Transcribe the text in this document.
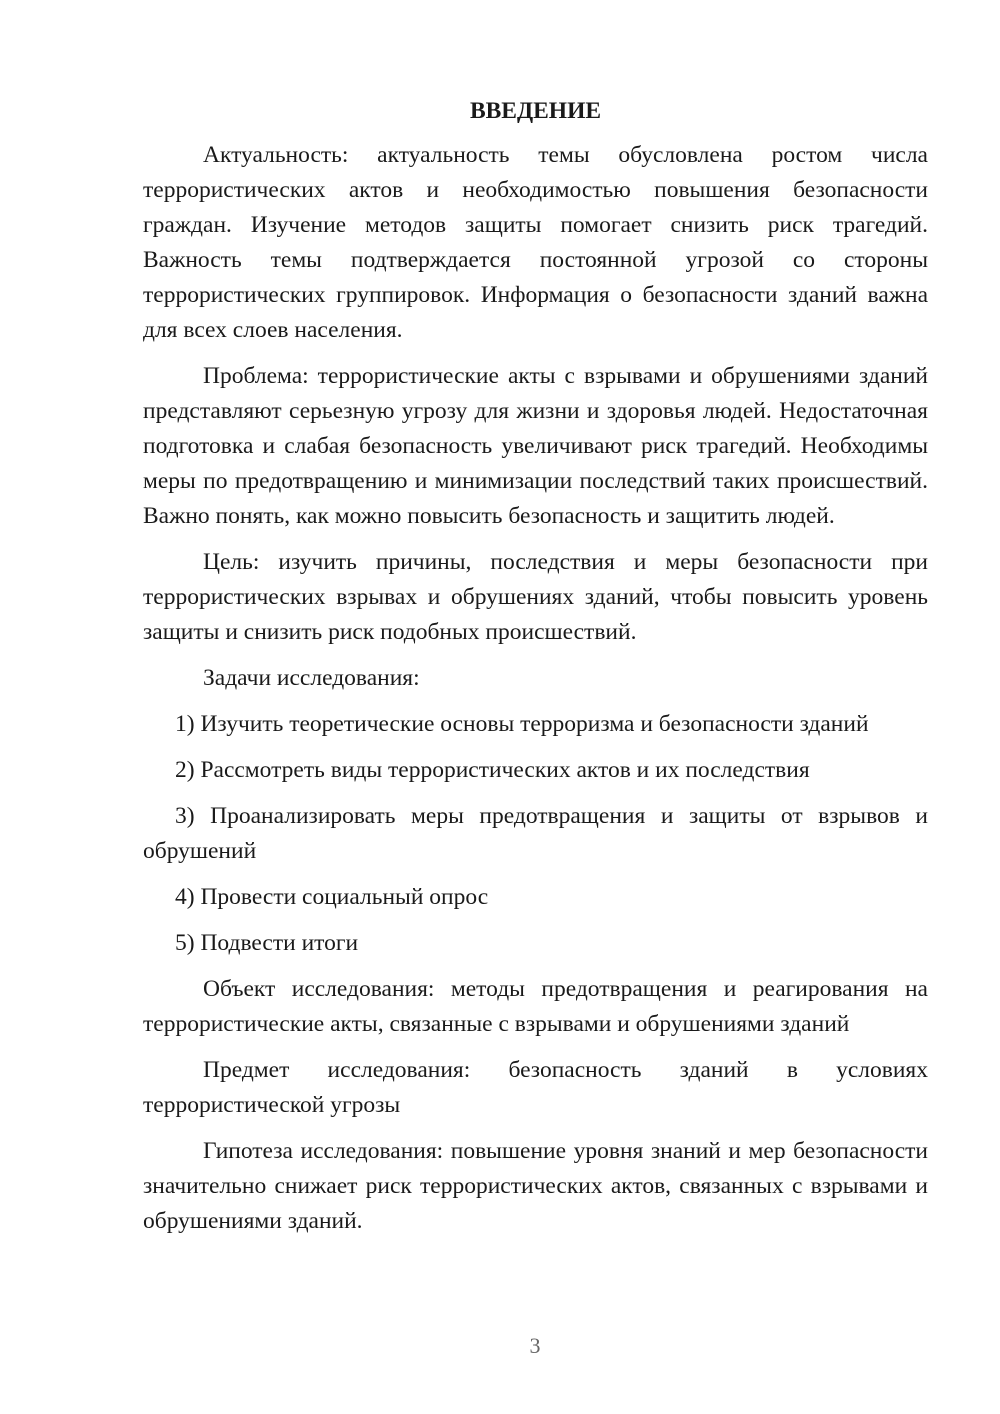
ВВЕДЕНИЕ

Актуальность: актуальность темы обусловлена ростом числа террористических актов и необходимостью повышения безопасности граждан. Изучение методов защиты помогает снизить риск трагедий. Важность темы подтверждается постоянной угрозой со стороны террористических группировок. Информация о безопасности зданий важна для всех слоев населения.

Проблема: террористические акты с взрывами и обрушениями зданий представляют серьезную угрозу для жизни и здоровья людей. Недостаточная подготовка и слабая безопасность увеличивают риск трагедий. Необходимы меры по предотвращению и минимизации последствий таких происшествий. Важно понять, как можно повысить безопасность и защитить людей.

Цель: изучить причины, последствия и меры безопасности при террористических взрывах и обрушениях зданий, чтобы повысить уровень защиты и снизить риск подобных происшествий.

Задачи исследования:

1) Изучить теоретические основы терроризма и безопасности зданий

2) Рассмотреть виды террористических актов и их последствия

3) Проанализировать меры предотвращения и защиты от взрывов и обрушений

4) Провести социальный опрос

5) Подвести итоги

Объект исследования: методы предотвращения и реагирования на террористические акты, связанные с взрывами и обрушениями зданий

Предмет исследования: безопасность зданий в условиях террористической угрозы

Гипотеза исследования: повышение уровня знаний и мер безопасности значительно снижает риск террористических актов, связанных с взрывами и обрушениями зданий.

3
